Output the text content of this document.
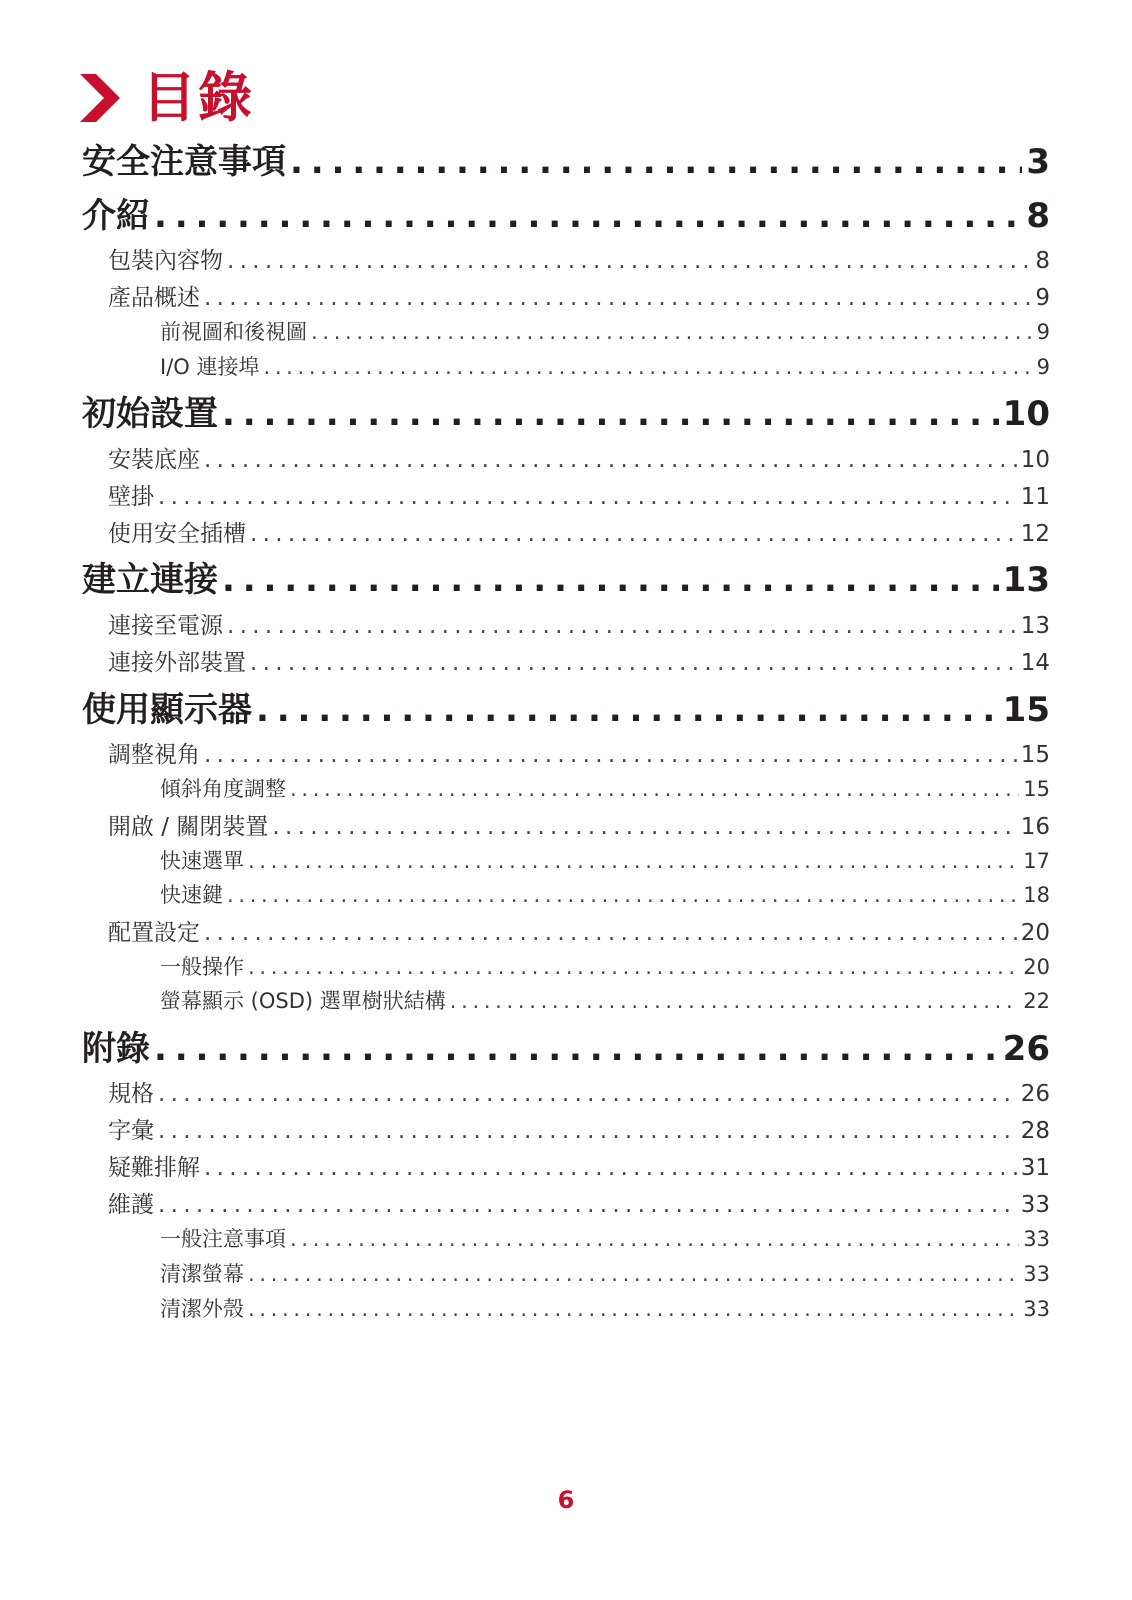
目錄
安全注意事項 . . .	3
介紹 . . .	8
包裝內容物 . . .	8
產品概述 . . .	9
前視圖和後視圖 . . .	9
I/O 連接埠 . . .	9
初始設置 . . .	10
安裝底座 . . .	10
壁掛 . . .	11
使用安全插槽 . . .	12
建立連接 . . .	13
連接至電源 . . .	13
連接外部裝置 . . .	14
使用顯示器 . . .	15
調整視角 . . .	15
傾斜角度調整 . . .	15
開啟 / 關閉裝置 . . .	16
快速選單 . . .	17
快速鍵 . . .	18
配置設定 . . .	20
一般操作 . . .	20
螢幕顯示 (OSD) 選單樹狀結構 . . .	22
附錄 . . .	26
規格 . . .	26
字彙 . . .	28
疑難排解 . . .	31
維護 . . .	33
一般注意事項 . . .	33
清潔螢幕 . . .	33
清潔外殼 . . .	33
6
